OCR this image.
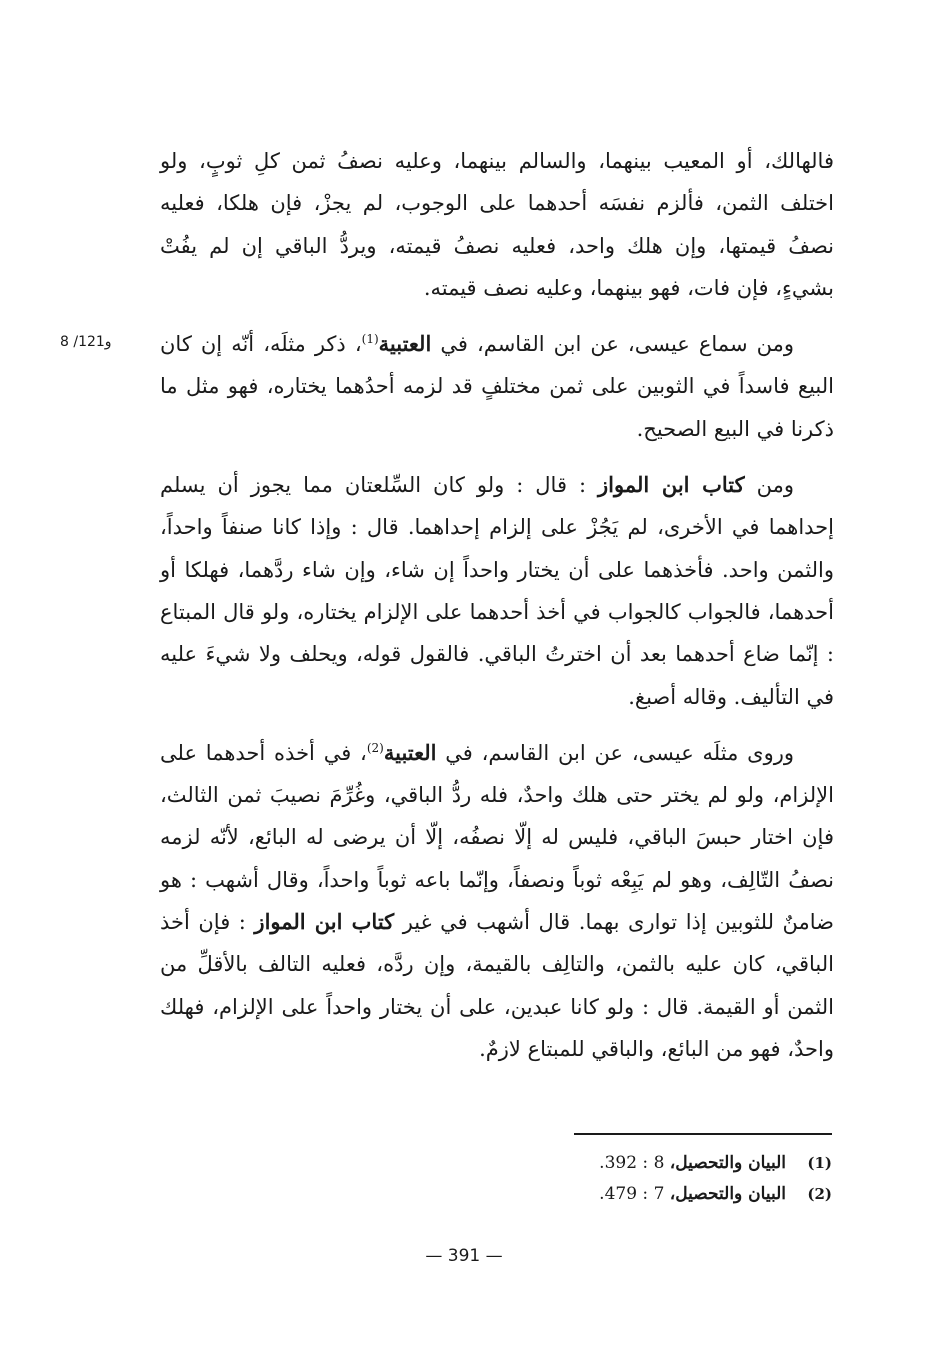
8 /121و

فالهالك، أو المعيب بينهما، والسالم بينهما، وعليه نصفُ ثمن كلِ ثوبٍ، ولو اختلف الثمن، فألزم نفسَه أحدهما على الوجوب، لم يجزْ، فإن هلكا، فعليه نصفُ قيمتها، وإن هلك واحد، فعليه نصفُ قيمته، ويردُّ الباقي إن لم يفُتْ بشيءٍ، فإن فات، فهو بينهما، وعليه نصف قيمته.

ومن سماع عيسى، عن ابن القاسم، في العتبية$^{(1)}$، ذكر مثلَه، أنّه إن كان البيع فاسداً في الثوبين على ثمن مختلفٍ قد لزمه أحدُهما يختاره، فهو مثل ما ذكرنا في البيع الصحيح.

ومن كتاب ابن المواز : قال : ولو كان السِّلعتان مما يجوز أن يسلم إحداهما في الأخرى، لم يَجُزْ على إلزام إحداهما. قال : وإذا كانا صنفاً واحداً، والثمن واحد. فأخذهما على أن يختار واحداً إن شاء، وإن شاء ردَّهما، فهلكا أو أحدهما، فالجواب كالجواب في أخذ أحدهما على الإلزام يختاره، ولو قال المبتاع : إنّما ضاع أحدهما بعد أن اخترتُ الباقي. فالقول قوله، ويحلف ولا شيءَ عليه في التأليف. وقاله أصبغ.

وروى مثلَه عيسى، عن ابن القاسم، في العتبية$^{(2)}$، في أخذه أحدهما على الإلزام، ولو لم يختر حتى هلك واحدٌ، فله ردُّ الباقي، وغُرِّمَ نصيبَ ثمن الثالث، فإن اختار حبسَ الباقي، فليس له إلّا نصفُه، إلّا أن يرضى له البائع، لأنّه لزمه نصفُ التّالِف، وهو لم يَبِعْه ثوباً ونصفاً، وإنّما باعه ثوباً واحداً، وقال أشهب : هو ضامنٌ للثوبين إذا توارى بهما. قال أشهب في غير كتاب ابن المواز : فإن أخذ الباقي، كان عليه بالثمن، والتالِف بالقيمة، وإن ردَّه، فعليه التالف بالأقلِّ من الثمن أو القيمة. قال : ولو كانا عبدين، على أن يختار واحداً على الإلزام، فهلك واحدٌ، فهو من البائع، والباقي للمبتاع لازمٌ.

(1)
البيان والتحصيل، 8 : 392.
(2)
البيان والتحصيل، 7 : 479.
— 391 —
